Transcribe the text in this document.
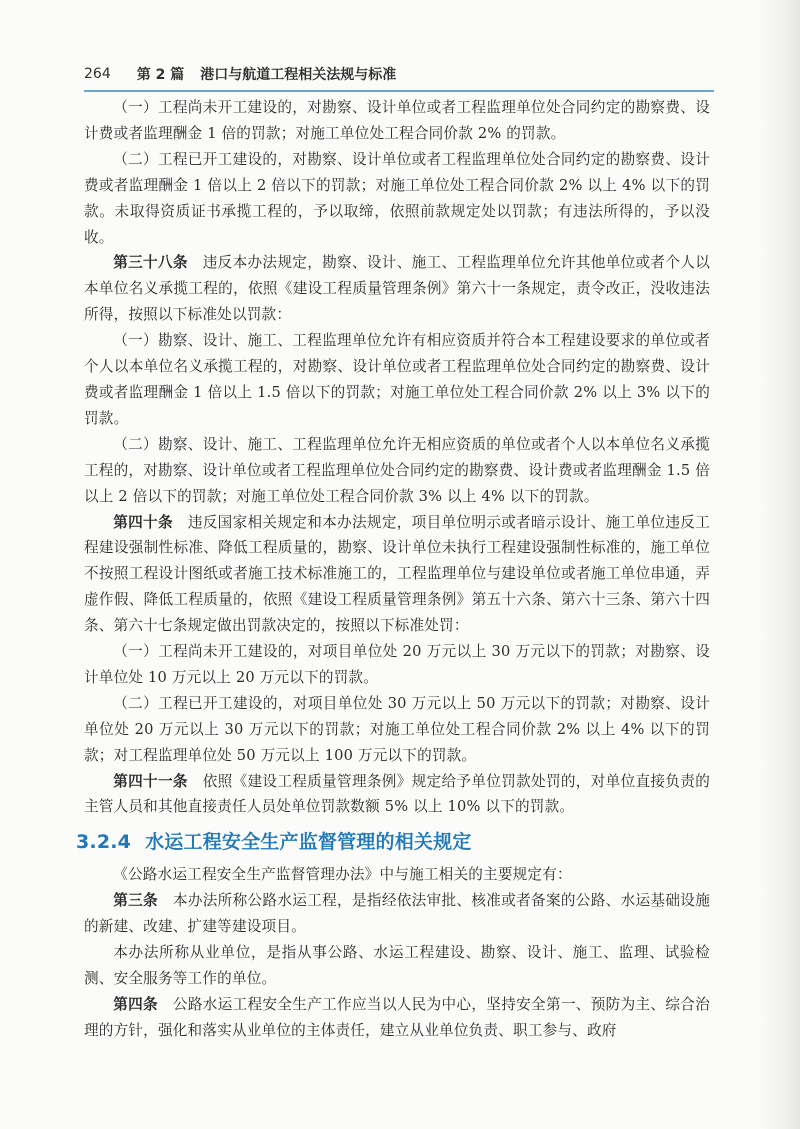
264 第 2 篇 港口与航道工程相关法规与标准

（一）工程尚未开工建设的，对勘察、设计单位或者工程监理单位处合同约定的勘察费、设计费或者监理酬金 1 倍的罚款；对施工单位处工程合同价款 2% 的罚款。

（二）工程已开工建设的，对勘察、设计单位或者工程监理单位处合同约定的勘察费、设计费或者监理酬金 1 倍以上 2 倍以下的罚款；对施工单位处工程合同价款 2% 以上 4% 以下的罚款。未取得资质证书承揽工程的，予以取缔，依照前款规定处以罚款；有违法所得的，予以没收。

第三十八条  违反本办法规定，勘察、设计、施工、工程监理单位允许其他单位或者个人以本单位名义承揽工程的，依照《建设工程质量管理条例》第六十一条规定，责令改正，没收违法所得，按照以下标准处以罚款：

（一）勘察、设计、施工、工程监理单位允许有相应资质并符合本工程建设要求的单位或者个人以本单位名义承揽工程的，对勘察、设计单位或者工程监理单位处合同约定的勘察费、设计费或者监理酬金 1 倍以上 1.5 倍以下的罚款；对施工单位处工程合同价款 2% 以上 3% 以下的罚款。

（二）勘察、设计、施工、工程监理单位允许无相应资质的单位或者个人以本单位名义承揽工程的，对勘察、设计单位或者工程监理单位处合同约定的勘察费、设计费或者监理酬金 1.5 倍以上 2 倍以下的罚款；对施工单位处工程合同价款 3% 以上 4% 以下的罚款。

第四十条  违反国家相关规定和本办法规定，项目单位明示或者暗示设计、施工单位违反工程建设强制性标准、降低工程质量的，勘察、设计单位未执行工程建设强制性标准的，施工单位不按照工程设计图纸或者施工技术标准施工的，工程监理单位与建设单位或者施工单位串通，弄虚作假、降低工程质量的，依照《建设工程质量管理条例》第五十六条、第六十三条、第六十四条、第六十七条规定做出罚款决定的，按照以下标准处罚：

（一）工程尚未开工建设的，对项目单位处 20 万元以上 30 万元以下的罚款；对勘察、设计单位处 10 万元以上 20 万元以下的罚款。

（二）工程已开工建设的，对项目单位处 30 万元以上 50 万元以下的罚款；对勘察、设计单位处 20 万元以上 30 万元以下的罚款；对施工单位处工程合同价款 2% 以上 4% 以下的罚款；对工程监理单位处 50 万元以上 100 万元以下的罚款。

第四十一条  依照《建设工程质量管理条例》规定给予单位罚款处罚的，对单位直接负责的主管人员和其他直接责任人员处单位罚款数额 5% 以上 10% 以下的罚款。

3.2.4 水运工程安全生产监督管理的相关规定

《公路水运工程安全生产监督管理办法》中与施工相关的主要规定有：

第三条  本办法所称公路水运工程，是指经依法审批、核准或者备案的公路、水运基础设施的新建、改建、扩建等建设项目。

本办法所称从业单位，是指从事公路、水运工程建设、勘察、设计、施工、监理、试验检测、安全服务等工作的单位。

第四条  公路水运工程安全生产工作应当以人民为中心，坚持安全第一、预防为主、综合治理的方针，强化和落实从业单位的主体责任，建立从业单位负责、职工参与、政府
